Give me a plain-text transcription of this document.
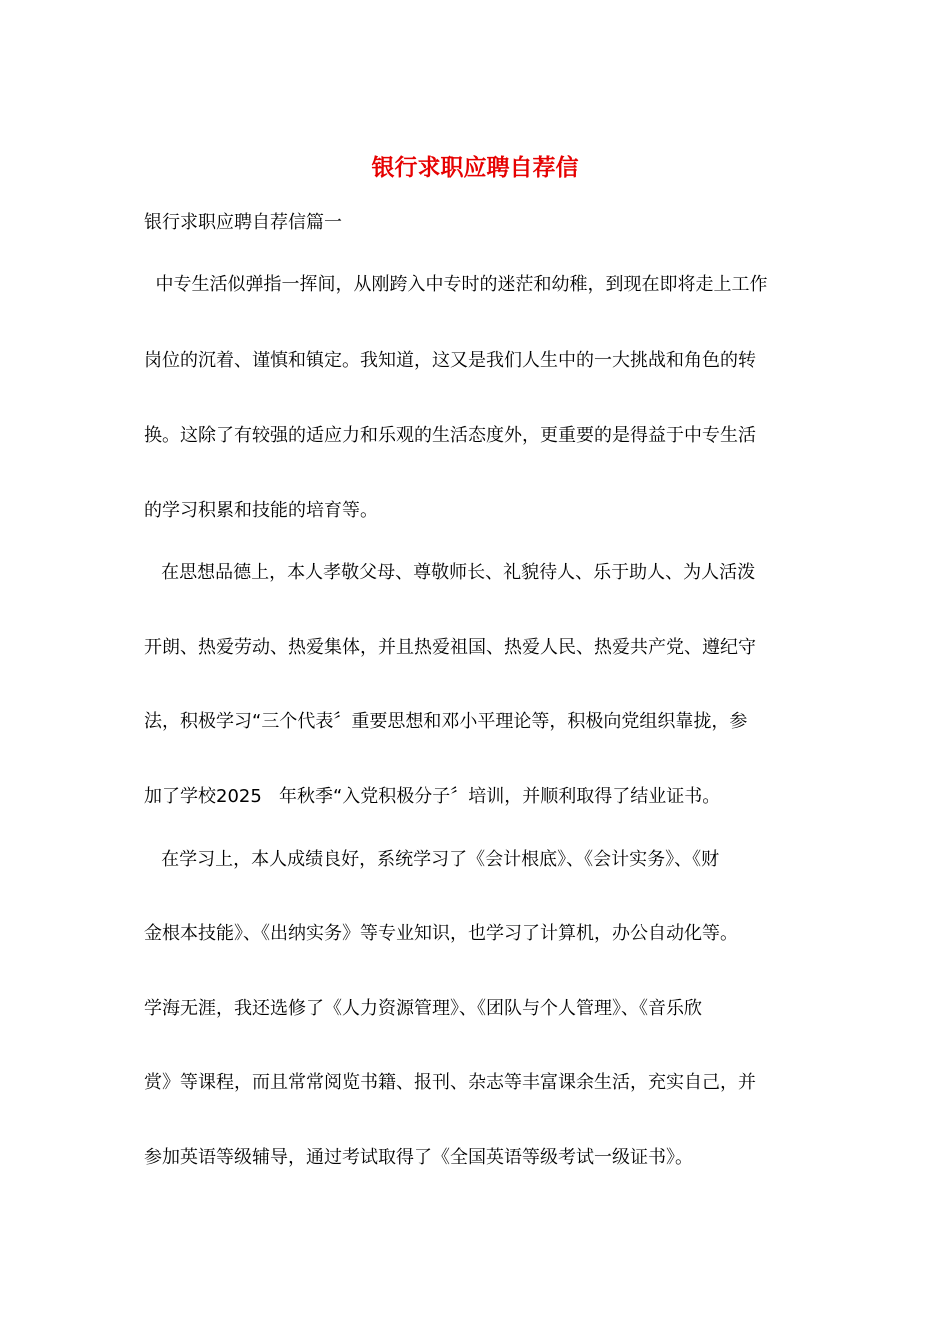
银行求职应聘自荐信

银行求职应聘自荐信篇一

中专生活似弹指一挥间，从刚跨入中专时的迷茫和幼稚，到现在即将走上工作

岗位的沉着、谨慎和镇定。我知道，这又是我们人生中的一大挑战和角色的转

换。这除了有较强的适应力和乐观的生活态度外，更重要的是得益于中专生活

的学习积累和技能的培育等。

在思想品德上，本人孝敬父母、尊敬师长、礼貌待人、乐于助人、为人活泼

开朗、热爱劳动、热爱集体，并且热爱祖国、热爱人民、热爱共产党、遵纪守

法，积极学习“三个代表〞重要思想和邓小平理论等，积极向党组织靠拢，参

加了学校2025   年秋季“入党积极分子〞培训，并顺利取得了结业证书。

在学习上，本人成绩良好，系统学习了《会计根底》、《会计实务》、《财

金根本技能》、《出纳实务》等专业知识，也学习了计算机，办公自动化等。

学海无涯，我还选修了《人力资源管理》、《团队与个人管理》、《音乐欣

赏》等课程，而且常常阅览书籍、报刊、杂志等丰富课余生活，充实自己，并

参加英语等级辅导，通过考试取得了《全国英语等级考试一级证书》。
